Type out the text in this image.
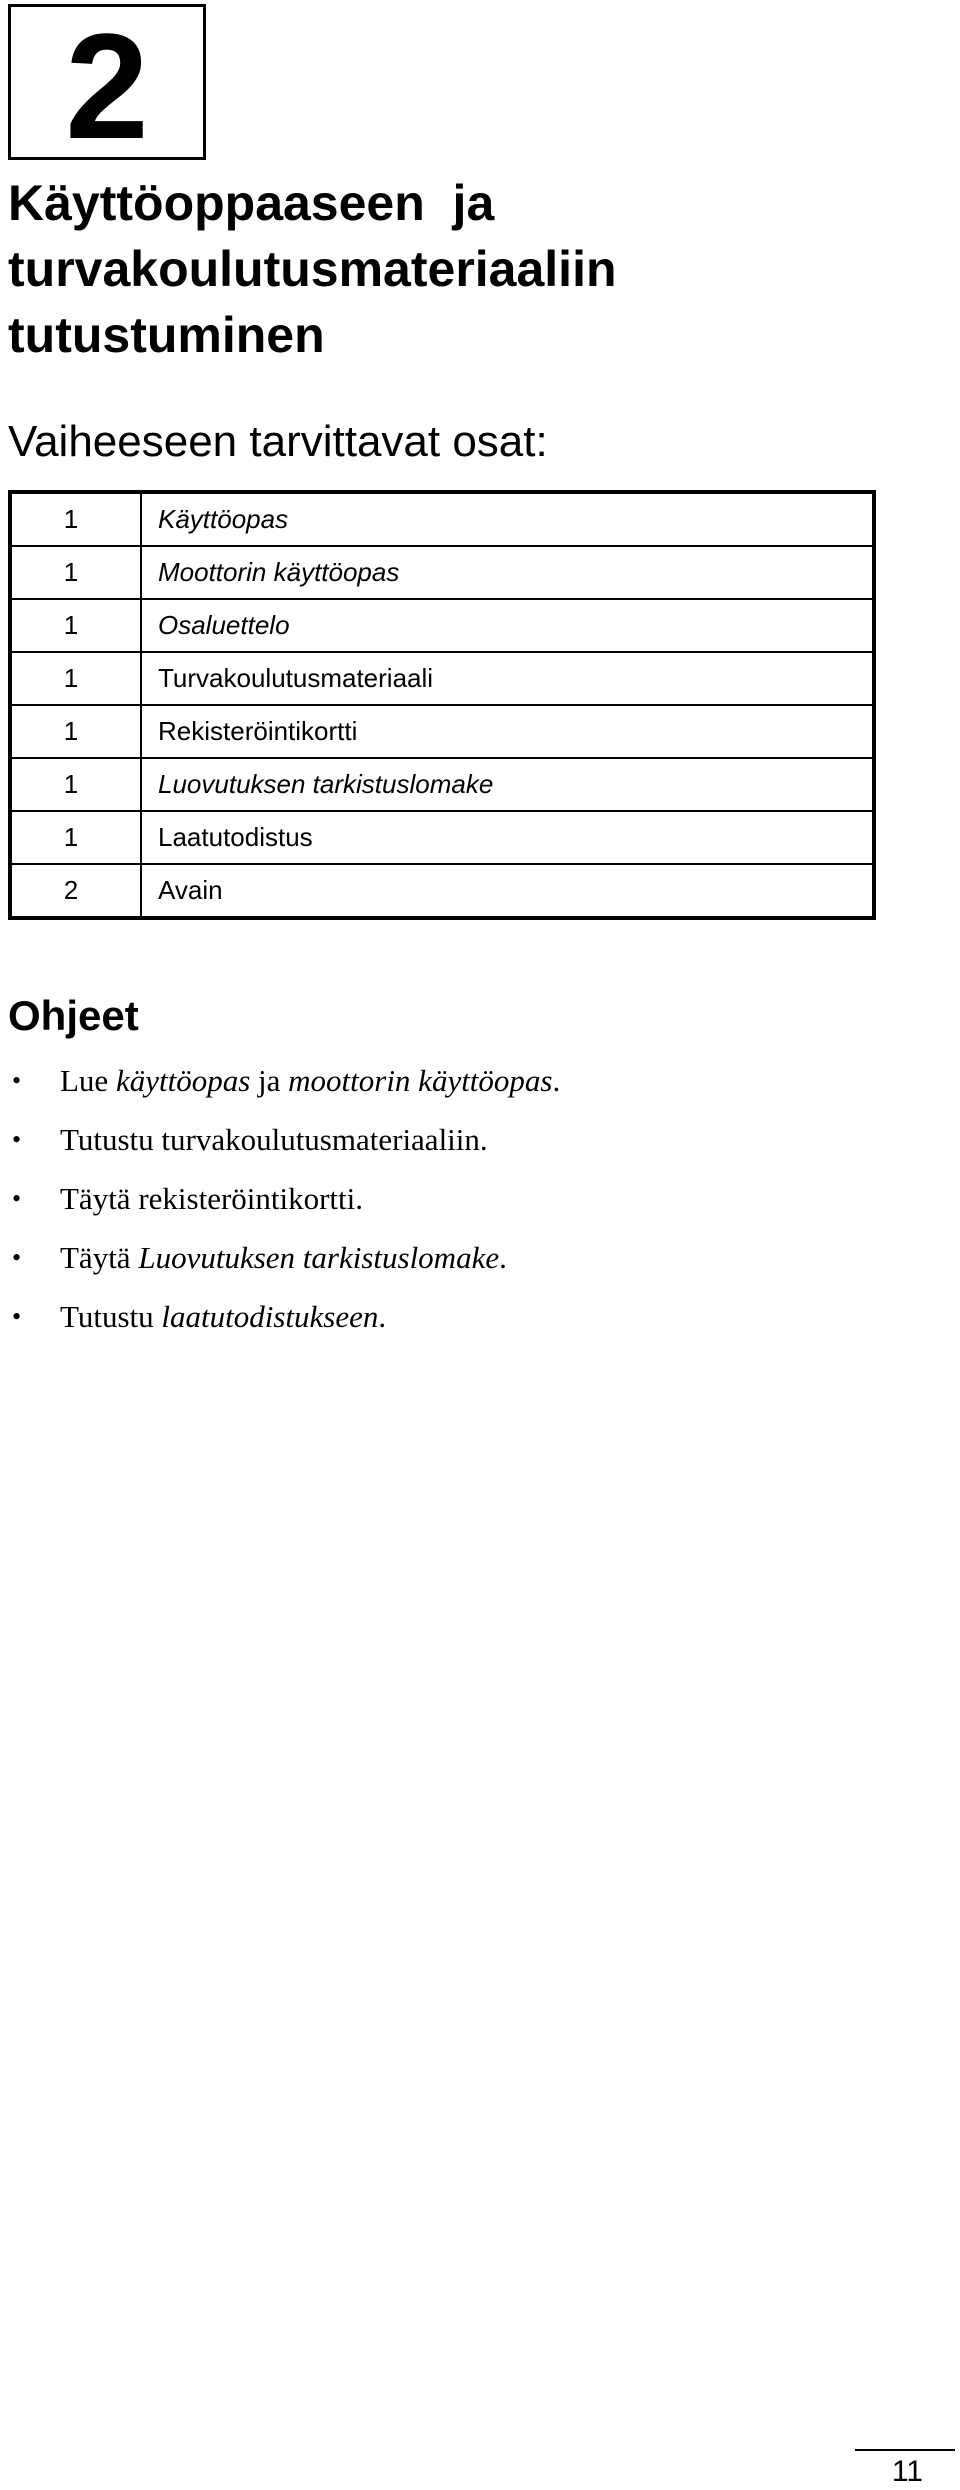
2
Käyttöoppaaseen  ja
turvakoulutusmateriaaliin
tutustuminen
Vaiheeseen tarvittavat osat:
1	Käyttöopas
1	Moottorin käyttöopas
1	Osaluettelo
1	Turvakoulutusmateriaali
1	Rekisteröintikortti
1	Luovutuksen tarkistuslomake
1	Laatutodistus
2	Avain
Ohjeet
• Lue käyttöopas ja moottorin käyttöopas.
• Tutustu turvakoulutusmateriaaliin.
• Täytä rekisteröintikortti.
• Täytä Luovutuksen tarkistuslomake.
• Tutustu laatutodistukseen.
11
